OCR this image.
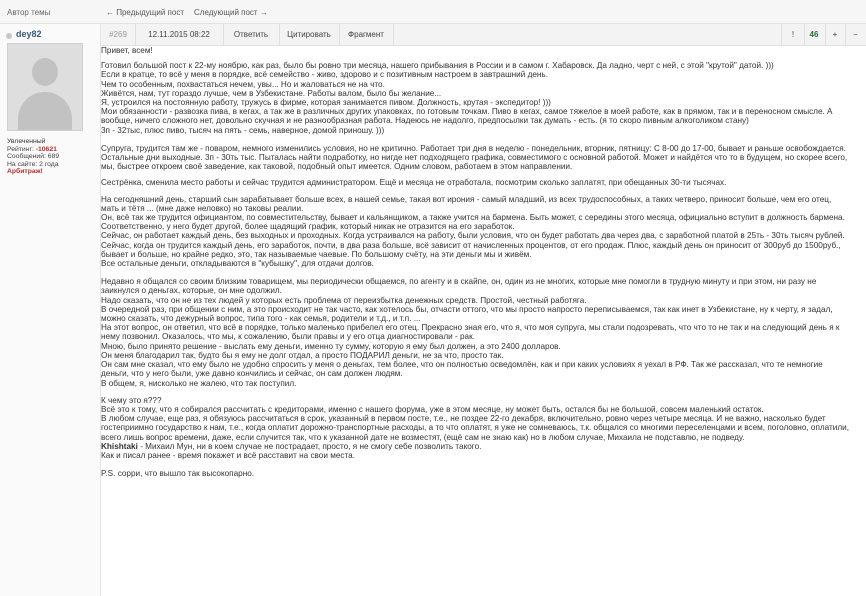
Автор темы	← Предыдущий пост Следующий пост →
dey82
Увлеченный
Рейтинг: -10621
Сообщений: 689
На сайте: 2 года
Арбитраж!
#269	12.11.2015 08:22	Ответить	Цитировать	Фрагмент	!	46	+	−

Привет, всем!

Готовил большой пост к 22-му ноябрю, как раз, было бы ровно три месяца, нашего прибывания в России и в самом г. Хабаровск. Да ладно, черт с ней, с этой "крутой" датой. )))

Если в кратце, то всё у меня в порядке, всё семейство - живо, здорово и с позитивным настроем в завтрашний день.

Чем то особенным, похвастаться нечем, увы... Но и жаловаться не на что.

Живётся, нам, тут гораздо лучше, чем в Узбекистане. Работы валом, было бы желание...

Я, устроился на постоянную работу, тружусь в фирме, которая занимается пивом. Должность, крутая - экспедитор! )))

Мои обязанности - развозка пива, в кегах, а так же в различных других упаковках, по готовым точкам. Пиво в кегах, самое тяжелое в моей работе, как в прямом, так и в переносном смысле. А вообще, ничего сложного нет, довольно скучная и не разнообразная работа. Надеюсь не надолго, предпосылки так думать - есть. (я то скоро пивным алкоголиком стану)

3п - 32тыс, плюс пиво, тысяч на пять - семь, наверное, домой приношу. )))

Супруга, трудится там же - поваром, немного изменились условия, но не критично. Работает три дня в неделю - понедельник, вторник, пятницу: С 8-00 до 17-00, бывает и раньше освобождается. Остальные дни выходные. 3п - 30ть тыс. Пыталась найти подработку, но нигде нет подходящего графика, совместимого с основной работой. Может и найдётся что то в будущем, но скорее всего, мы, быстрее откроем своё заведение, как таковой, подобный опыт имеется. Одним словом, работаем в этом направлении.

Сестрёнка, сменила место работы и сейчас трудится администратором. Ещё и месяца не отработала, посмотрим сколько заплатят, при обещанных 30-ти тысячах.

На сегодняшний день, старший сын зарабатывает больше всех, в нашей семье, такая вот ирония - самый младший, из всех трудоспособных, а таких четверо, приносит больше, чем его отец, мать и тётя ... (мне даже неловко) но таковы реалии.

Он, всё так же трудится официантом, по совместительству, бывает и кальянщиком, а также учится на бармена. Быть может, с середины этого месяца, официально вступит в должность бармена. Соответственно, у него будет другой, более щадящий график, который никак не отразится на его заработок.

Сейчас, он работает каждый день, без выходных и проходных. Когда устраивался на работу, были условия, что он будет работать два через два, с заработной платой в 25ть - 30ть тысяч рублей. Сейчас, когда он трудится каждый день, его заработок, почти, в два раза больше, всё зависит от начисленных процентов, от его продаж. Плюс, каждый день он приносит от 300руб до 1500руб., бывает и больше, но крайне редко, это, так называемые чаевые. По большому счёту, на эти деньги мы и живём.

Все остальные деньги, откладываются в "кубышку", для отдачи долгов.

Недавно я общался со своим близким товарищем, мы периодически общаемся, по агенту и в скайпе, он, один из не многих, которые мне помогли в трудную минуту и при этом, ни разу не заикнулся о деньгах, которые, он мне одолжил.

Надо сказать, что он не из тех людей у которых есть проблема от переизбытка денежных средств. Простой, честный работяга.

В очередной раз, при общении с ним, а это происходит не так часто, как хотелось бы, отчасти оттого, что мы просто напросто переписываемся, так как инет в Узбекистане, ну к черту, я задал, можно сказать, что дежурный вопрос, типа того - как семья, родители и т.д., и т.п. ...

На этот вопрос, он ответил, что всё в порядке, только маленько прибелел его отец. Прекрасно зная его, что я, что моя супруга, мы стали подозревать, что что то не так и на следующий день я к нему позвонил. Оказалось, что мы, к сожалению, были правы и у его отца диагностировали - рак.

Мною, было принято решение - выслать ему деньги, именно ту сумму, которую я ему был должен, а это 2400 долларов.

Он меня благодарил так, будто бы я ему не долг отдал, а просто ПОДАРИЛ деньги, не за что, просто так.

Он сам мне сказал, что ему было не удобно спросить у меня о деньгах, тем более, что он полностью осведомлён, как и при каких условиях я уехал в РФ. Так же рассказал, что те немногие деньги, что у него были, уже давно кончились и сейчас, он сам должен людям.

В общем, я, нисколько не жалею, что так поступил.

К чему это я???

Всё это к тому, что я собирался рассчитать с кредиторами, именно с нашего форума, уже в этом месяце, ну может быть, остался бы не большой, совсем маленький остаток.

В любом случае, еще раз, я обязуюсь рассчитаться в срок, указанный в первом посте, т.е., не поздее 22-го декабря, включительно, ровно через четыре месяца. И не важно, насколько будет гостеприимно государство к нам, т.е., когда оплатит дорожно-транспортные расходы, а то что оплатят, я уже не сомневаюсь, т.к. общался со многими переселенцами и всем, поголовно, оплатили, всего лишь вопрос времени, даже, если случится так, что к указанной дате не возместят, (ещё сам не знаю как) но в любом случае, Михаила не подставлю, не подведу.

Khishtaki - Михаил Мун, ни в коем случае не пострадает, просто, я не смогу себе позволить такого.

Как и писал ранее - время покажет и всё расставит на свои места.

P.S. сорри, что вышло так высокопарно.
